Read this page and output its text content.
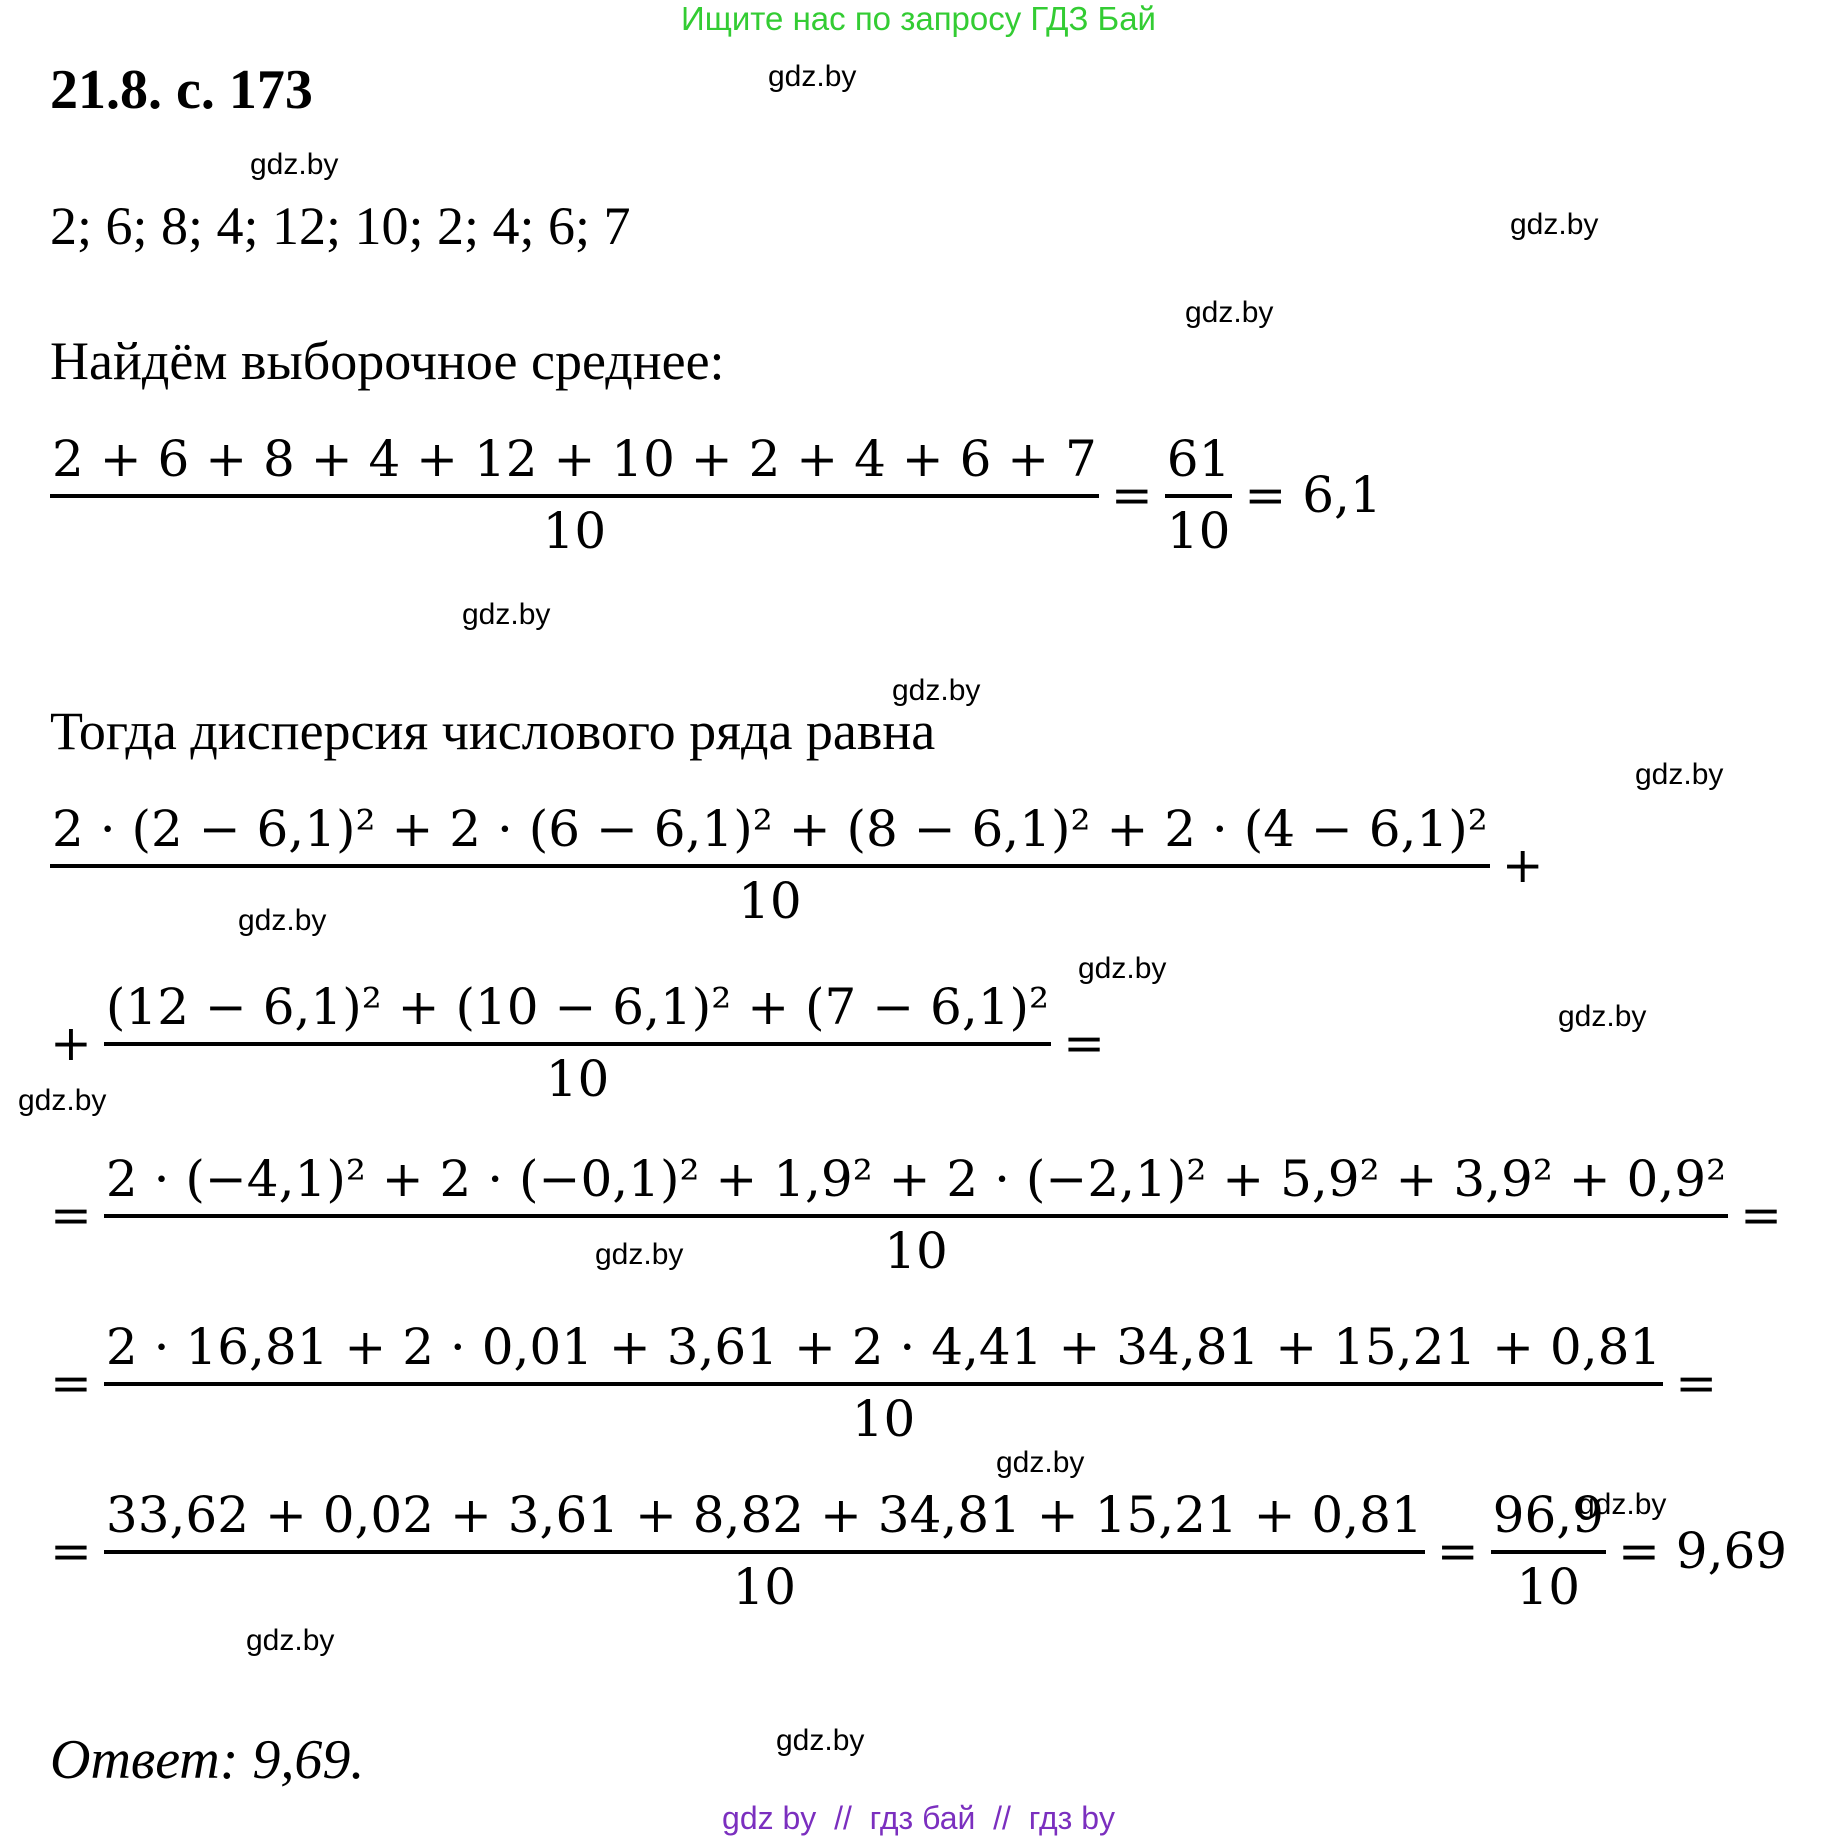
Ищите нас по запросу ГДЗ Бай
21.8. с. 173
2; 6; 8; 4; 12; 10; 2; 4; 6; 7
Найдём выборочное среднее:
$\frac{2 + 6 + 8 + 4 + 12 + 10 + 2 + 4 + 6 + 7}{10} = \frac{61}{10} = 6,1$
Тогда дисперсия числового ряда равна
2 · (2 − 6,1)² + 2 · (6 − 6,1)² + (8 − 6,1)² + 2 · (4 − 6,1)²
10
+
+ $\frac{\text{(12 − 6,1)² + (10 − 6,1)² + (7 − 6,1)²}}{10}$ =
=
2 · (−4,1)² + 2 · (−0,1)² + 1,9² + 2 · (−2,1)² + 5,9² + 3,9² + 0,9²
10
=
=
2 · 16,81 + 2 · 0,01 + 3,61 + 2 · 4,41 + 34,81 + 15,21 + 0,81
10
=
= $\frac{33,62 + 0,02 + 3,61 + 8,82 + 34,81 + 15,21 + 0,81}{10} = \frac{96,9}{10} = 9,69$
Ответ: 9,69.
gdz.by
gdz.by
gdz.by
gdz.by
gdz.by
gdz.by
gdz.by
gdz.by
gdz.by
gdz.by
gdz.by
gdz.by
gdz.by
gdz.by
gdz.by
gdz.by
gdz by  //  гдз бай  //  гдз by
